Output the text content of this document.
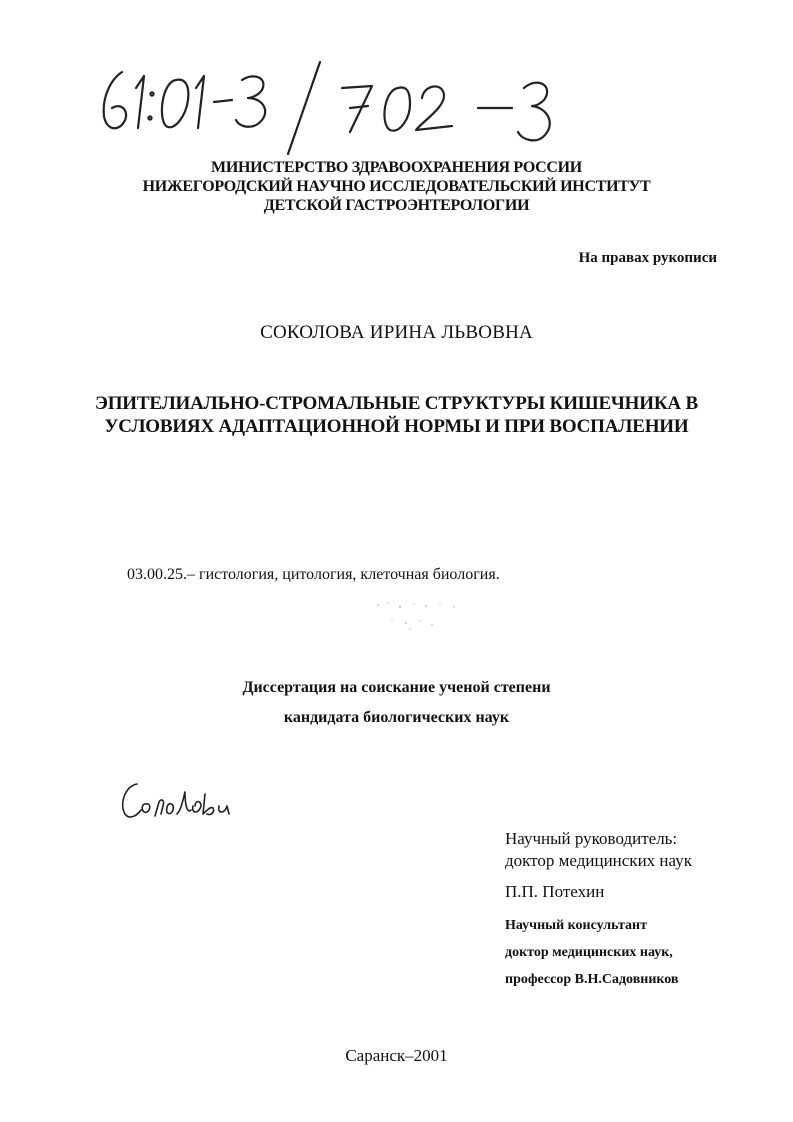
МИНИСТЕРСТВО ЗДРАВООХРАНЕНИЯ РОССИИ
НИЖЕГОРОДСКИЙ НАУЧНО ИССЛЕДОВАТЕЛЬСКИЙ ИНСТИТУТ
ДЕТСКОЙ ГАСТРОЭНТЕРОЛОГИИ
На правах рукописи
СОКОЛОВА ИРИНА ЛЬВОВНА
ЭПИТЕЛИАЛЬНО-СТРОМАЛЬНЫЕ СТРУКТУРЫ КИШЕЧНИКА В
УСЛОВИЯХ АДАПТАЦИОННОЙ НОРМЫ И ПРИ ВОСПАЛЕНИИ
03.00.25.– гистология, цитология, клеточная биология.
Диссертация на соискание ученой степени
кандидата биологических наук
Научный руководитель:
доктор медицинских наук
П.П. Потехин
Научный консультант
доктор медицинских наук,
профессор В.Н.Садовников
Саранск–2001
